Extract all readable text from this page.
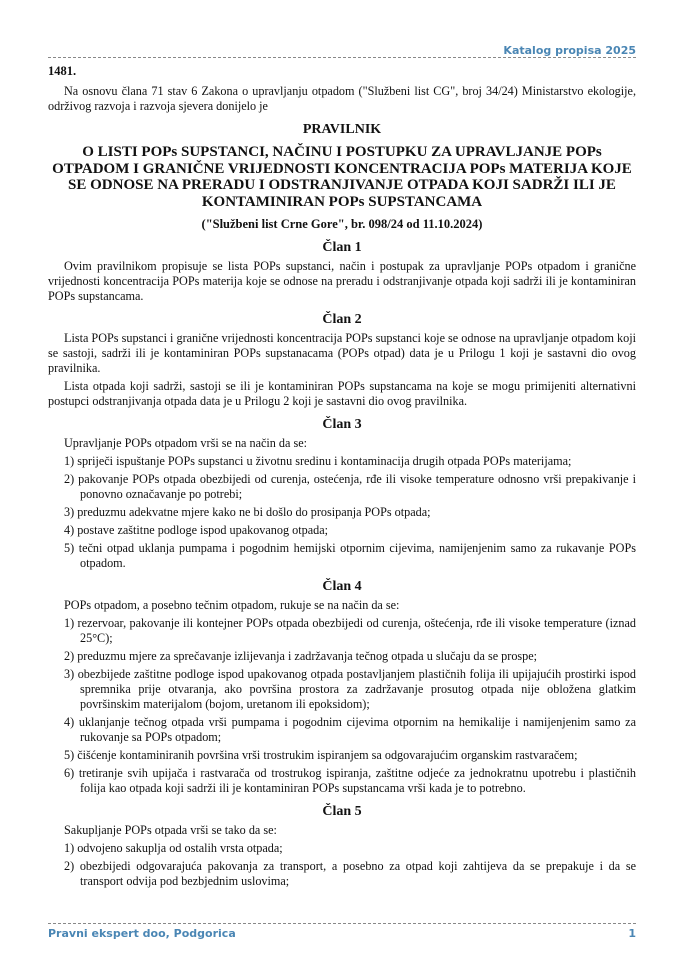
Katalog propisa 2025
1481.

Na osnovu člana 71 stav 6 Zakona o upravljanju otpadom ("Službeni list CG", broj 34/24) Ministarstvo ekologije, održivog razvoja i razvoja sjevera donijelo je

PRAVILNIK
O LISTI POPs SUPSTANCI, NAČINU I POSTUPKU ZA UPRAVLJANJE POPs OTPADOM I GRANIČNE VRIJEDNOSTI KONCENTRACIJA POPs MATERIJA KOJE SE ODNOSE NA PRERADU I ODSTRANJIVANJE OTPADA KOJI SADRŽI ILI JE KONTAMINIRAN POPs SUPSTANCAMA
("Službeni list Crne Gore", br. 098/24 od 11.10.2024)
Član 1

Ovim pravilnikom propisuje se lista POPs supstanci, način i postupak za upravljanje POPs otpadom i granične vrijednosti koncentracija POPs materija koje se odnose na preradu i odstranjivanje otpada koji sadrži ili je kontaminiran POPs supstancama.

Član 2

Lista POPs supstanci i granične vrijednosti koncentracija POPs supstanci koje se odnose na upravljanje otpadom koji se sastoji, sadrži ili je kontaminiran POPs supstanacama (POPs otpad) data je u Prilogu 1 koji je sastavni dio ovog pravilnika.

Lista otpada koji sadrži, sastoji se ili je kontaminiran POPs supstancama na koje se mogu primijeniti alternativni postupci odstranjivanja otpada data je u Prilogu 2 koji je sastavni dio ovog pravilnika.

Član 3
Upravljanje POPs otpadom vrši se na način da se:
1) spriječi ispuštanje POPs supstanci u životnu sredinu i kontaminacija drugih otpada POPs materijama;
2) pakovanje POPs otpada obezbijedi od curenja, ostećenja, rđe ili visoke temperature odnosno vrši prepakivanje i ponovno označavanje po potrebi;
3) preduzmu adekvatne mjere kako ne bi došlo do prosipanja POPs otpada;
4) postave zaštitne podloge ispod upakovanog otpada;
5) tečni otpad uklanja pumpama i pogodnim hemijski otpornim cijevima, namijenjenim samo za rukavanje POPs otpadom.
Član 4
POPs otpadom, a posebno tečnim otpadom, rukuje se na način da se:
1) rezervoar, pakovanje ili kontejner POPs otpada obezbijedi od curenja, oštećenja, rđe ili visoke temperature (iznad 25°C);
2) preduzmu mjere za sprečavanje izlijevanja i zadržavanja tečnog otpada u slučaju da se prospe;
3) obezbijede zaštitne podloge ispod upakovanog otpada postavljanjem plastičnih folija ili upijajućih prostirki ispod spremnika prije otvaranja, ako površina prostora za zadržavanje prosutog otpada nije obložena glatkim površinskim materijalom (bojom, uretanom ili epoksidom);
4) uklanjanje tečnog otpada vrši pumpama i pogodnim cijevima otpornim na hemikalije i namijenjenim samo za rukovanje sa POPs otpadom;
5) čišćenje kontaminiranih površina vrši trostrukim ispiranjem sa odgovarajućim organskim rastvaračem;
6) tretiranje svih upijača i rastvarača od trostrukog ispiranja, zaštitne odjeće za jednokratnu upotrebu i plastičnih folija kao otpada koji sadrži ili je kontaminiran POPs supstancama vrši kada je to potrebno.
Član 5
Sakupljanje POPs otpada vrši se tako da se:
1) odvojeno sakuplja od ostalih vrsta otpada;
2) obezbijedi odgovarajuća pakovanja za transport, a posebno za otpad koji zahtijeva da se prepakuje i da se transport odvija pod bezbjednim uslovima;
Pravni ekspert doo, Podgorica	1
